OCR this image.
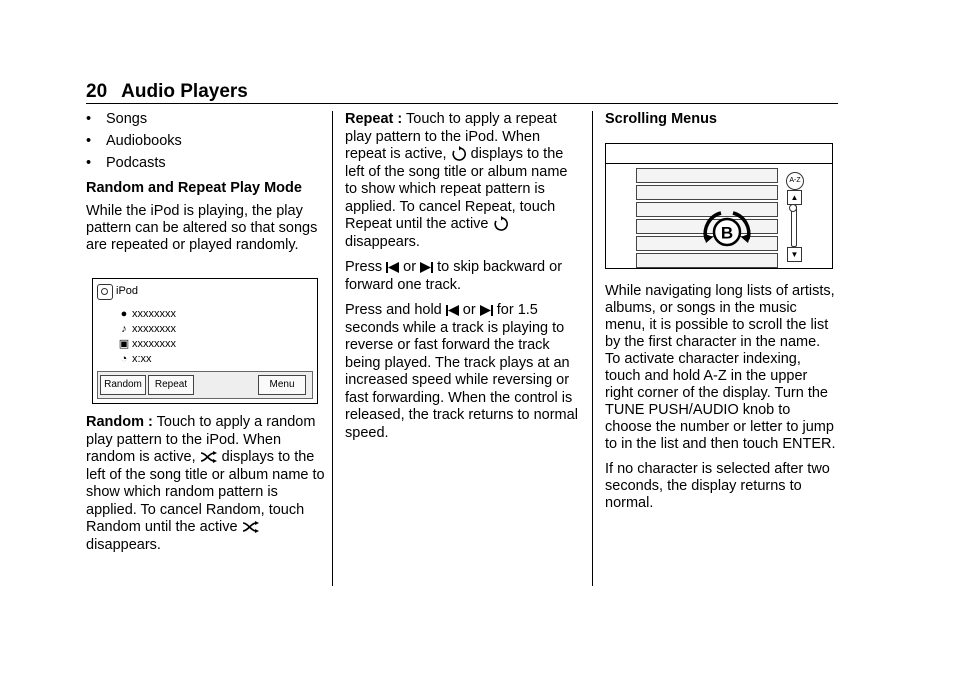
20 Audio Players
•	Songs
•	Audiobooks
•	Podcasts

Random and Repeat Play Mode

While the iPod is playing, the play pattern can be altered so that songs are repeated or played randomly.

iPod
● xxxxxxxx
♪ xxxxxxxx
▣ xxxxxxxx
◔ x:xx
Random	Repeat	Menu

Random : Touch to apply a random play pattern to the iPod. When random is active, displays to the left of the song title or album name to show which random pattern is applied. To cancel Random, touch Random until the active  disappears.

Repeat : Touch to apply a repeat play pattern to the iPod. When repeat is active, displays to the left of the song title or album name to show which repeat pattern is applied. To cancel Repeat, touch Repeat until the active  disappears.

Press or to skip backward or forward one track.

Press and hold or for 1.5 seconds while a track is playing to reverse or fast forward the track being played. The track plays at an increased speed while reversing or fast forwarding. When the control is released, the track returns to normal speed.

Scrolling Menus

A-Z
▲
▼
B

While navigating long lists of artists, albums, or songs in the music menu, it is possible to scroll the list by the first character in the name. To activate character indexing, touch and hold A-Z in the upper right corner of the display. Turn the TUNE PUSH/AUDIO knob to choose the number or letter to jump to in the list and then touch ENTER.

If no character is selected after two seconds, the display returns to normal.
